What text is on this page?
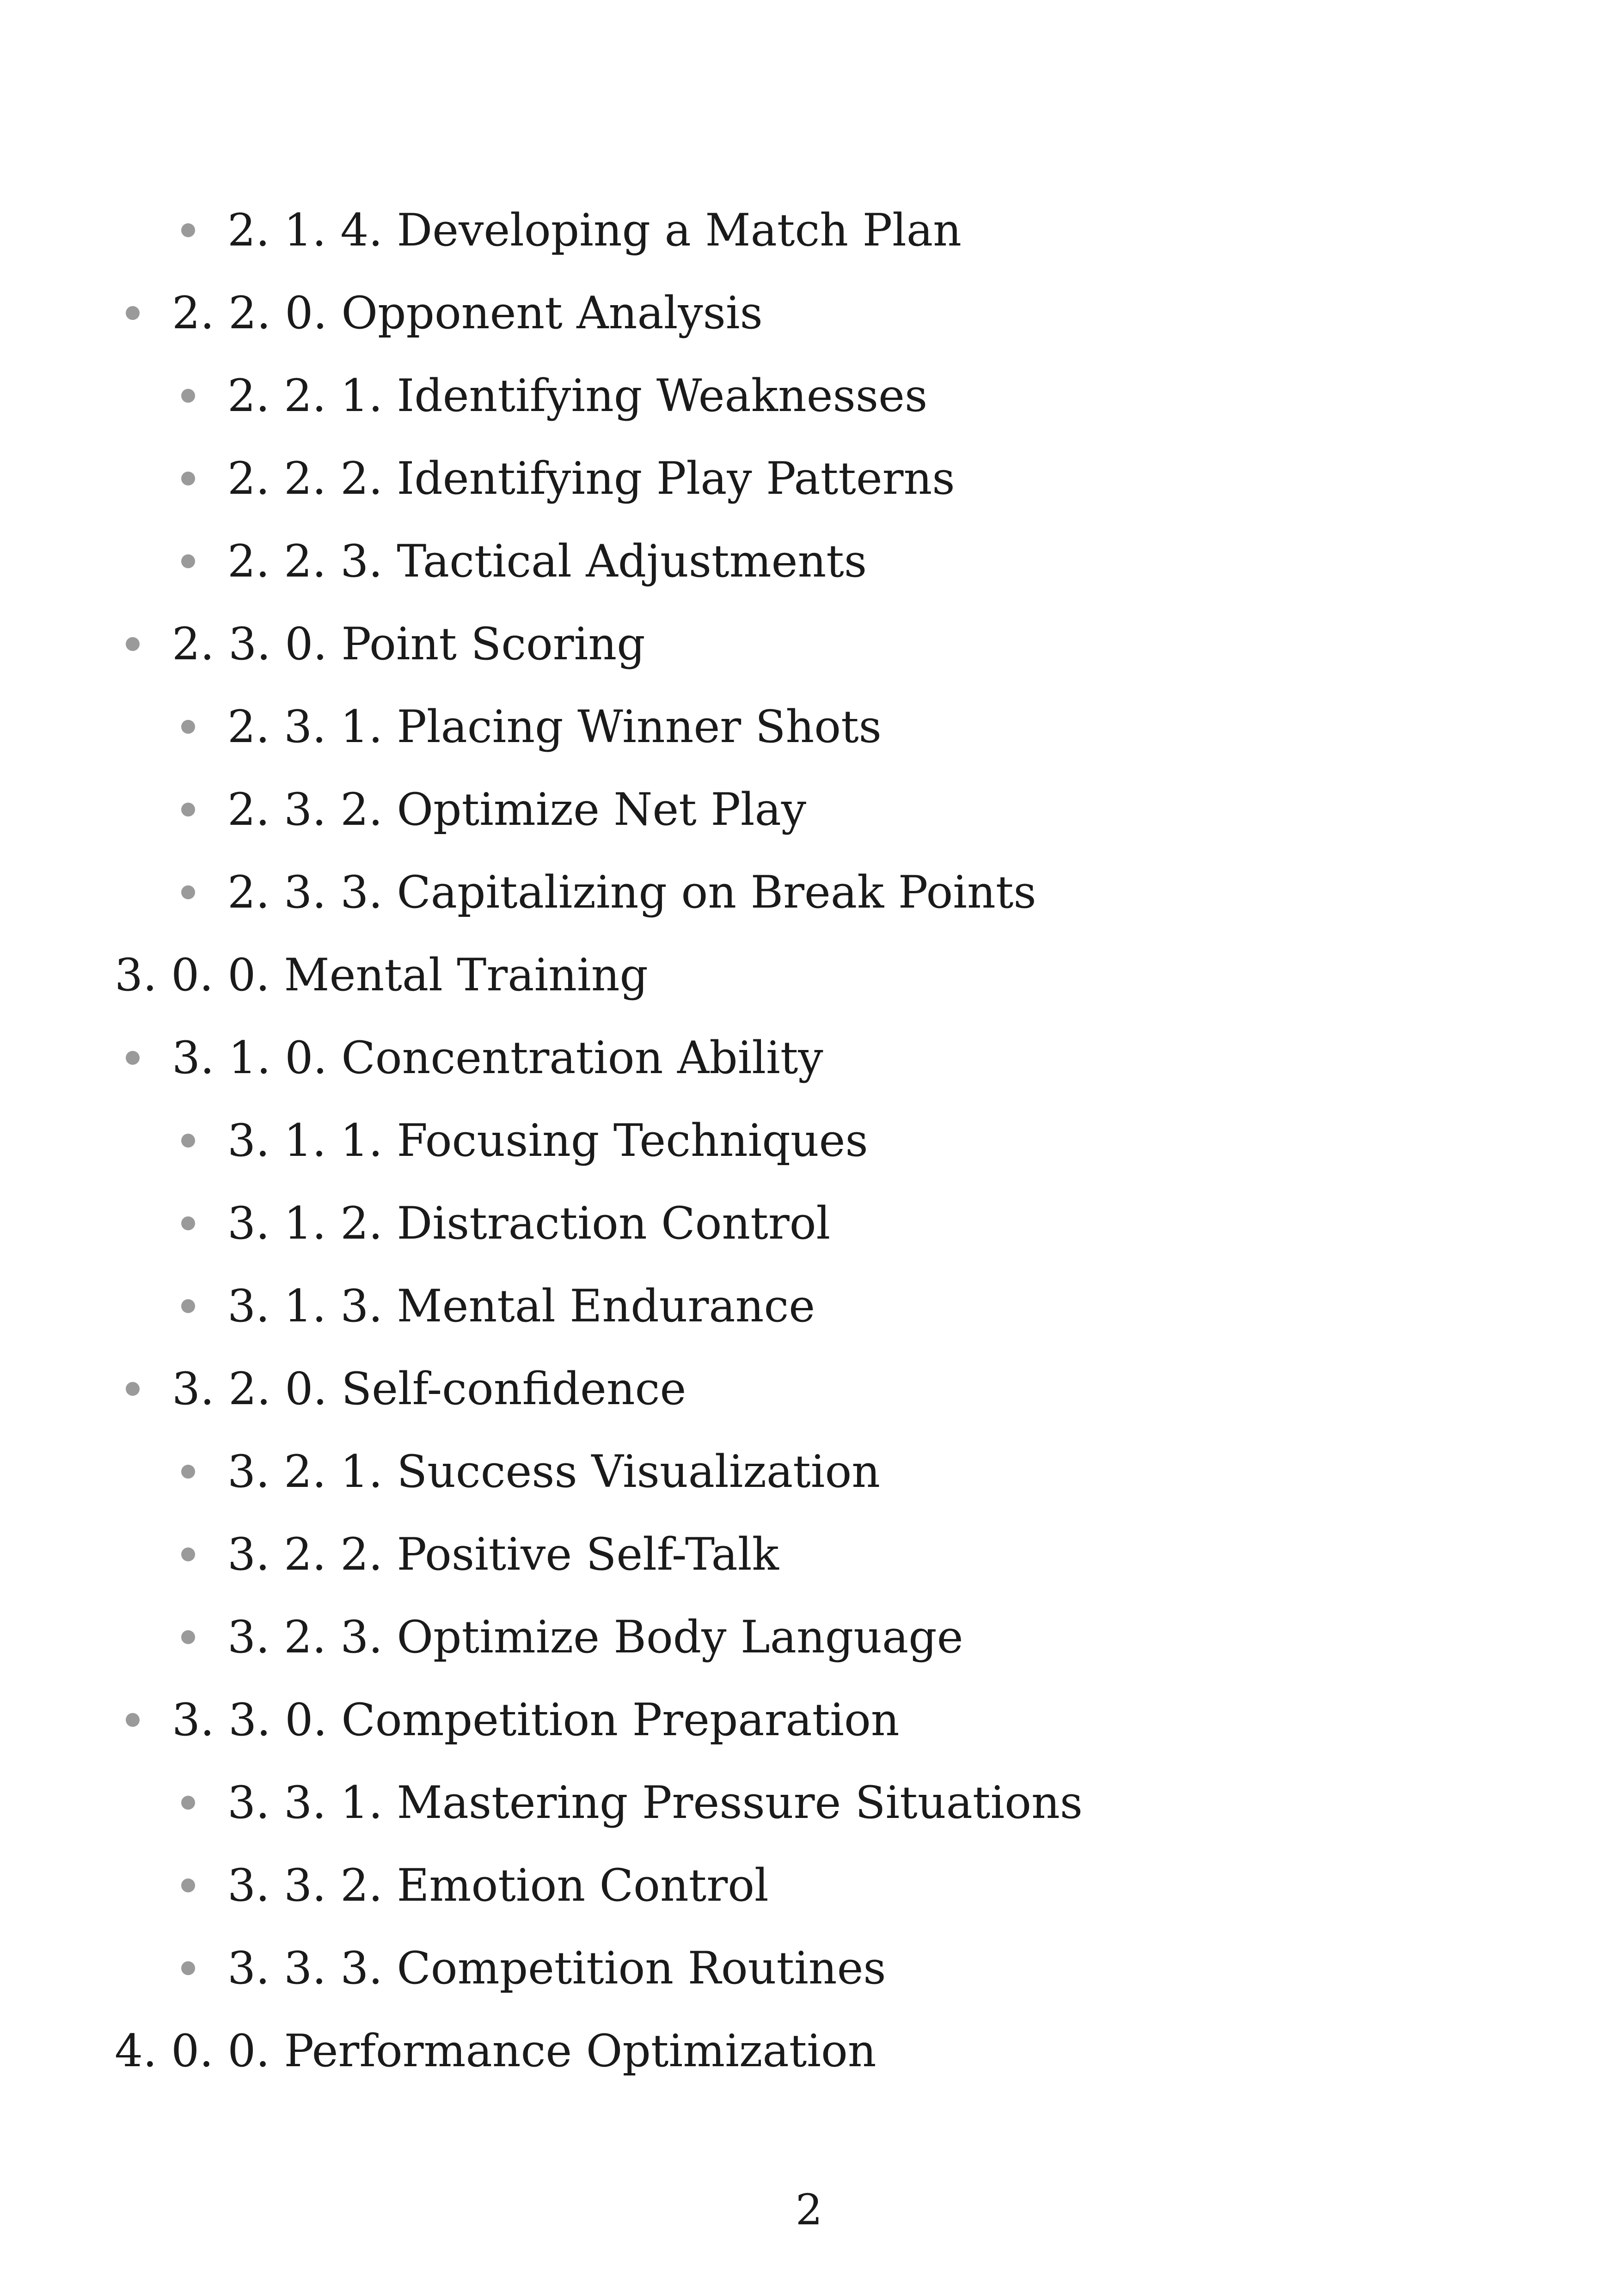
2. 1. 4. Developing a Match Plan
2. 2. 0. Opponent Analysis
2. 2. 1. Identifying Weaknesses
2. 2. 2. Identifying Play Patterns
2. 2. 3. Tactical Adjustments
2. 3. 0. Point Scoring
2. 3. 1. Placing Winner Shots
2. 3. 2. Optimize Net Play
2. 3. 3. Capitalizing on Break Points
3. 0. 0. Mental Training
3. 1. 0. Concentration Ability
3. 1. 1. Focusing Techniques
3. 1. 2. Distraction Control
3. 1. 3. Mental Endurance
3. 2. 0. Self-confidence
3. 2. 1. Success Visualization
3. 2. 2. Positive Self-Talk
3. 2. 3. Optimize Body Language
3. 3. 0. Competition Preparation
3. 3. 1. Mastering Pressure Situations
3. 3. 2. Emotion Control
3. 3. 3. Competition Routines
4. 0. 0. Performance Optimization
2
